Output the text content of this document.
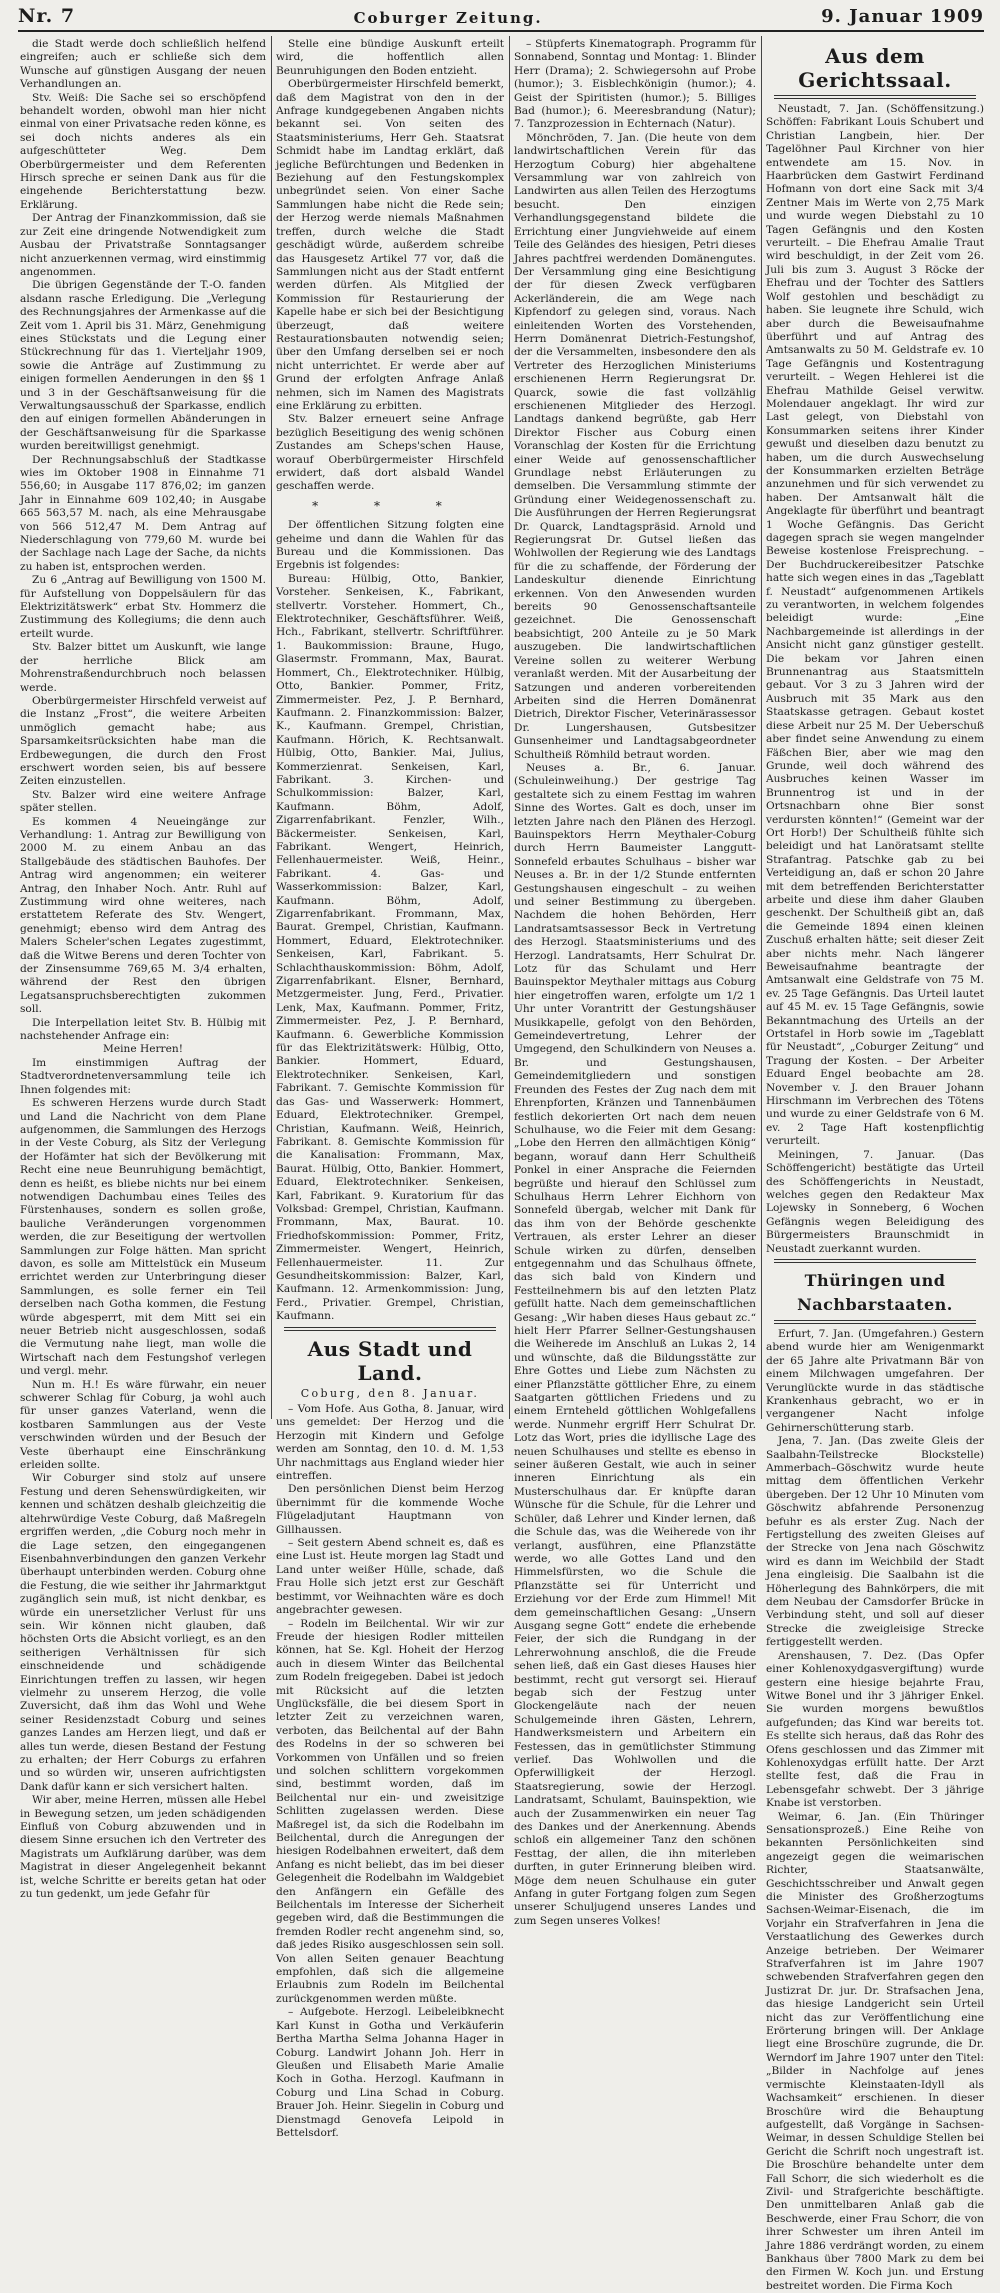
Nr. 7	Coburger Zeitung.	9. Januar 1909

die Stadt werde doch schließlich helfend eingreifen; auch er schließe sich dem Wunsche auf günstigen Ausgang der neuen Verhandlungen an.

Stv. Weiß: Die Sache sei so erschöpfend behandelt worden, obwohl man hier nicht einmal von einer Privatsache reden könne, es sei doch nichts anderes als ein aufgeschütteter Weg. Dem Oberbürgermeister und dem Referenten Hirsch spreche er seinen Dank aus für die eingehende Berichterstattung bezw. Erklärung.

Der Antrag der Finanzkommission, daß sie zur Zeit eine dringende Notwendigkeit zum Ausbau der Privatstraße Sonntagsanger nicht anzuerkennen vermag, wird einstimmig angenommen.

Die übrigen Gegenstände der T.-O. fanden alsdann rasche Erledigung. Die „Verlegung des Rechnungsjahres der Armenkasse auf die Zeit vom 1. April bis 31. März, Genehmigung eines Stückstats und die Legung einer Stückrechnung für das 1. Vierteljahr 1909, sowie die Anträge auf Zustimmung zu einigen formellen Aenderungen in den §§ 1 und 3 in der Geschäftsanweisung für die Verwaltungsausschuß der Sparkasse, endlich den auf einigen formellen Abänderungen in der Geschäftsanweisung für die Sparkasse wurden bereitwilligst genehmigt.

Der Rechnungsabschluß der Stadtkasse wies im Oktober 1908 in Einnahme 71 556,60; in Ausgabe 117 876,02; im ganzen Jahr in Einnahme 609 102,40; in Ausgabe 665 563,57 M. nach, als eine Mehrausgabe von 566 512,47 M. Dem Antrag auf Niederschlagung von 779,60 M. wurde bei der Sachlage nach Lage der Sache, da nichts zu haben ist, entsprochen werden.

Zu 6 „Antrag auf Bewilligung von 1500 M. für Aufstellung von Doppelsäulern für das Elektrizitätswerk“ erbat Stv. Hommerz die Zustimmung des Kollegiums; die denn auch erteilt wurde.

Stv. Balzer bittet um Auskunft, wie lange der herrliche Blick am Mohrenstraßendurchbruch noch belassen werde.

Oberbürgermeister Hirschfeld verweist auf die Instanz „Frost“, die weitere Arbeiten unmöglich gemacht habe; aus Sparsamkeitsrücksichten habe man die Erdbewegungen, die durch den Frost erschwert worden seien, bis auf bessere Zeiten einzustellen.

Stv. Balzer wird eine weitere Anfrage später stellen.

Es kommen 4 Neueingänge zur Verhandlung: 1. Antrag zur Bewilligung von 2000 M. zu einem Anbau an das Stallgebäude des städtischen Bauhofes. Der Antrag wird angenommen; ein weiterer Antrag, den Inhaber Noch. Antr. Ruhl auf Zustimmung wird ohne weiteres, nach erstattetem Referate des Stv. Wengert, genehmigt; ebenso wird dem Antrag des Malers Scheler'schen Legates zugestimmt, daß die Witwe Berens und deren Tochter von der Zinsensumme 769,65 M. 3/4 erhalten, während der Rest den übrigen Legatsanspruchsberechtigten zukommen soll.

Die Interpellation leitet Stv. B. Hülbig mit nachstehender Anfrage ein:

Meine Herren!

Im einstimmigen Auftrag der Stadtverordnetenversammlung teile ich Ihnen folgendes mit:

Es schweren Herzens wurde durch Stadt und Land die Nachricht von dem Plane aufgenommen, die Sammlungen des Herzogs in der Veste Coburg, als Sitz der Verlegung der Hofämter hat sich der Bevölkerung mit Recht eine neue Beunruhigung bemächtigt, denn es heißt, es bliebe nichts nur bei einem notwendigen Dachumbau eines Teiles des Fürstenhauses, sondern es sollen große, bauliche Veränderungen vorgenommen werden, die zur Beseitigung der wertvollen Sammlungen zur Folge hätten. Man spricht davon, es solle am Mittelstück ein Museum errichtet werden zur Unterbringung dieser Sammlungen, es solle ferner ein Teil derselben nach Gotha kommen, die Festung würde abgesperrt, mit dem Mitt sei ein neuer Betrieb nicht ausgeschlossen, sodaß die Vermutung nahe liegt, man wolle die Wirtschaft nach dem Festungshof verlegen und vergl. mehr.

Nun m. H.! Es wäre fürwahr, ein neuer schwerer Schlag für Coburg, ja wohl auch für unser ganzes Vaterland, wenn die kostbaren Sammlungen aus der Veste verschwinden würden und der Besuch der Veste überhaupt eine Einschränkung erleiden sollte.

Wir Coburger sind stolz auf unsere Festung und deren Sehenswürdigkeiten, wir kennen und schätzen deshalb gleichzeitig die altehrwürdige Veste Coburg, daß Maßregeln ergriffen werden, „die Coburg noch mehr in die Lage setzen, den eingegangenen Eisenbahnverbindungen den ganzen Verkehr überhaupt unterbinden werden. Coburg ohne die Festung, die wie seither ihr Jahrmarktgut zugänglich sein muß, ist nicht denkbar, es würde ein unersetzlicher Verlust für uns sein. Wir können nicht glauben, daß höchsten Orts die Absicht vorliegt, es an den seitherigen Verhältnissen für sich einschneidende und schädigende Einrichtungen treffen zu lassen, wir hegen vielmehr zu unserem Herzog, die volle Zuversicht, daß ihm das Wohl und Wehe seiner Residenzstadt Coburg und seines ganzes Landes am Herzen liegt, und daß er alles tun werde, diesen Bestand der Festung zu erhalten; der Herr Coburgs zu erfahren und so würden wir, unseren aufrichtigsten Dank dafür kann er sich versichert halten.

Wir aber, meine Herren, müssen alle Hebel in Bewegung setzen, um jeden schädigenden Einfluß von Coburg abzuwenden und in diesem Sinne ersuchen ich den Vertreter des Magistrats um Aufklärung darüber, was dem Magistrat in dieser Angelegenheit bekannt ist, welche Schritte er bereits getan hat oder zu tun gedenkt, um jede Gefahr für

Stelle eine bündige Auskunft erteilt wird, die hoffentlich allen Beunruhigungen den Boden entzieht.

Oberbürgermeister Hirschfeld bemerkt, daß dem Magistrat von den in der Anfrage kundgegebenen Angaben nichts bekannt sei. Von seiten des Staatsministeriums, Herr Geh. Staatsrat Schmidt habe im Landtag erklärt, daß jegliche Befürchtungen und Bedenken in Beziehung auf den Festungskomplex unbegründet seien. Von einer Sache Sammlungen habe nicht die Rede sein; der Herzog werde niemals Maßnahmen treffen, durch welche die Stadt geschädigt würde, außerdem schreibe das Hausgesetz Artikel 77 vor, daß die Sammlungen nicht aus der Stadt entfernt werden dürfen. Als Mitglied der Kommission für Restaurierung der Kapelle habe er sich bei der Besichtigung überzeugt, daß weitere Restaurationsbauten notwendig seien; über den Umfang derselben sei er noch nicht unterrichtet. Er werde aber auf Grund der erfolgten Anfrage Anlaß nehmen, sich im Namen des Magistrats eine Erklärung zu erbitten.

Stv. Balzer erneuert seine Anfrage bezüglich Beseitigung des wenig schönen Zustandes am Scheps'schen Hause, worauf Oberbürgermeister Hirschfeld erwidert, daß dort alsbald Wandel geschaffen werde.

* * *

Der öffentlichen Sitzung folgten eine geheime und dann die Wahlen für das Bureau und die Kommissionen. Das Ergebnis ist folgendes:

Bureau: Hülbig, Otto, Bankier, Vorsteher. Senkeisen, K., Fabrikant, stellvertr. Vorsteher. Hommert, Ch., Elektrotechniker, Geschäftsführer. Weiß, Hch., Fabrikant, stellvertr. Schriftführer. 1. Baukommission: Braune, Hugo, Glasermstr. Frommann, Max, Baurat. Hommert, Ch., Elektrotechniker. Hülbig, Otto, Bankier. Pommer, Fritz, Zimmermeister. Pez, J. P. Bernhard, Kaufmann. 2. Finanzkommission: Balzer, K., Kaufmann. Grempel, Christian, Kaufmann. Hörich, K. Rechtsanwalt. Hülbig, Otto, Bankier. Mai, Julius, Kommerzienrat. Senkeisen, Karl, Fabrikant. 3. Kirchen- und Schulkommission: Balzer, Karl, Kaufmann. Böhm, Adolf, Zigarrenfabrikant. Fenzler, Wilh., Bäckermeister. Senkeisen, Karl, Fabrikant. Wengert, Heinrich, Fellenhauermeister. Weiß, Heinr., Fabrikant. 4. Gas- und Wasserkommission: Balzer, Karl, Kaufmann. Böhm, Adolf, Zigarrenfabrikant. Frommann, Max, Baurat. Grempel, Christian, Kaufmann. Hommert, Eduard, Elektrotechniker. Senkeisen, Karl, Fabrikant. 5. Schlachthauskommission: Böhm, Adolf, Zigarrenfabrikant. Elsner, Bernhard, Metzgermeister. Jung, Ferd., Privatier. Lenk, Max, Kaufmann. Pommer, Fritz, Zimmermeister. Pez, J. P. Bernhard, Kaufmann. 6. Gewerbliche Kommission für das Elektrizitätswerk: Hülbig, Otto, Bankier. Hommert, Eduard, Elektrotechniker. Senkeisen, Karl, Fabrikant. 7. Gemischte Kommission für das Gas- und Wasserwerk: Hommert, Eduard, Elektrotechniker. Grempel, Christian, Kaufmann. Weiß, Heinrich, Fabrikant. 8. Gemischte Kommission für die Kanalisation: Frommann, Max, Baurat. Hülbig, Otto, Bankier. Hommert, Eduard, Elektrotechniker. Senkeisen, Karl, Fabrikant. 9. Kuratorium für das Volksbad: Grempel, Christian, Kaufmann. Frommann, Max, Baurat. 10. Friedhofskommission: Pommer, Fritz, Zimmermeister. Wengert, Heinrich, Fellenhauermeister. 11. Zur Gesundheitskommission: Balzer, Karl, Kaufmann. 12. Armenkommission: Jung, Ferd., Privatier. Grempel, Christian, Kaufmann.

Aus Stadt und Land.
Coburg, den 8. Januar.

– Vom Hofe. Aus Gotha, 8. Januar, wird uns gemeldet: Der Herzog und die Herzogin mit Kindern und Gefolge werden am Sonntag, den 10. d. M. 1,53 Uhr nachmittags aus England wieder hier eintreffen.

Den persönlichen Dienst beim Herzog übernimmt für die kommende Woche Flügeladjutant Hauptmann von Gillhaussen.

– Seit gestern Abend schneit es, daß es eine Lust ist. Heute morgen lag Stadt und Land unter weißer Hülle, schade, daß Frau Holle sich jetzt erst zur Geschäft bestimmt, vor Weihnachten wäre es doch angebrachter gewesen.

– Rodeln im Beilchental. Wir wir zur Freude der hiesigen Rodler mitteilen können, hat Se. Kgl. Hoheit der Herzog auch in diesem Winter das Beilchental zum Rodeln freigegeben. Dabei ist jedoch mit Rücksicht auf die letzten Unglücksfälle, die bei diesem Sport in letzter Zeit zu verzeichnen waren, verboten, das Beilchental auf der Bahn des Rodelns in der so schweren bei Vorkommen von Unfällen und so freien und solchen schlittern vorgekommen sind, bestimmt worden, daß im Beilchental nur ein- und zweisitzige Schlitten zugelassen werden. Diese Maßregel ist, da sich die Rodelbahn im Beilchental, durch die Anregungen der hiesigen Rodelbahnen erweitert, daß dem Anfang es nicht beliebt, das im bei dieser Gelegenheit die Rodelbahn im Waldgebiet den Anfängern ein Gefälle des Beilchentals im Interesse der Sicherheit gegeben wird, daß die Bestimmungen die fremden Rodler recht angenehm sind, so, daß jedes Risiko ausgeschlossen sein soll. Von allen Seiten genauer Beachtung empfohlen, daß sich die allgemeine Erlaubnis zum Rodeln im Beilchental zurückgenommen werden müßte.

– Aufgebote. Herzogl. Leibeleibknecht Karl Kunst in Gotha und Verkäuferin Bertha Martha Selma Johanna Hager in Coburg. Landwirt Johann Joh. Herr in Gleußen und Elisabeth Marie Amalie Koch in Gotha. Herzogl. Kaufmann in Coburg und Lina Schad in Coburg. Brauer Joh. Heinr. Siegelin in Coburg und Dienstmagd Genovefa Leipold in Bettelsdorf.

– Stüpferts Kinematograph. Programm für Sonnabend, Sonntag und Montag: 1. Blinder Herr (Drama); 2. Schwiegersohn auf Probe (humor.); 3. Eisblechkönigin (humor.); 4. Geist der Spiritisten (humor.); 5. Billiges Bad (humor.); 6. Meeresbrandung (Natur); 7. Tanzprozession in Echternach (Natur).

Mönchröden, 7. Jan. (Die heute von dem landwirtschaftlichen Verein für das Herzogtum Coburg) hier abgehaltene Versammlung war von zahlreich von Landwirten aus allen Teilen des Herzogtums besucht. Den einzigen Verhandlungsgegenstand bildete die Errichtung einer Jungviehweide auf einem Teile des Geländes des hiesigen, Petri dieses Jahres pachtfrei werdenden Domänengutes. Der Versammlung ging eine Besichtigung der für diesen Zweck verfügbaren Ackerländerein, die am Wege nach Kipfendorf zu gelegen sind, voraus. Nach einleitenden Worten des Vorstehenden, Herrn Domänenrat Dietrich-Festungshof, der die Versammelten, insbesondere den als Vertreter des Herzoglichen Ministeriums erschienenen Herrn Regierungsrat Dr. Quarck, sowie die fast vollzählig erschienenen Mitglieder des Herzogl. Landtags dankend begrüßte, gab Herr Direktor Fischer aus Coburg einen Voranschlag der Kosten für die Errichtung einer Weide auf genossenschaftlicher Grundlage nebst Erläuterungen zu demselben. Die Versammlung stimmte der Gründung einer Weidegenossenschaft zu. Die Ausführungen der Herren Regierungsrat Dr. Quarck, Landtagspräsid. Arnold und Regierungsrat Dr. Gutsel ließen das Wohlwollen der Regierung wie des Landtags für die zu schaffende, der Förderung der Landeskultur dienende Einrichtung erkennen. Von den Anwesenden wurden bereits 90 Genossenschaftsanteile gezeichnet. Die Genossenschaft beabsichtigt, 200 Anteile zu je 50 Mark auszugeben. Die landwirtschaftlichen Vereine sollen zu weiterer Werbung veranlaßt werden. Mit der Ausarbeitung der Satzungen und anderen vorbereitenden Arbeiten sind die Herren Domänenrat Dietrich, Direktor Fischer, Veterinärassessor Dr. Lungershausen, Gutsbesitzer Gunsenheimer und Landtagsabgeordneter Schultheiß Römhild betraut worden.

Neuses a. Br., 6. Januar. (Schuleinweihung.) Der gestrige Tag gestaltete sich zu einem Festtag im wahren Sinne des Wortes. Galt es doch, unser im letzten Jahre nach den Plänen des Herzogl. Bauinspektors Herrn Meythaler-Coburg durch Herrn Baumeister Langgutt-Sonnefeld erbautes Schulhaus – bisher war Neuses a. Br. in der 1/2 Stunde entfernten Gestungshausen eingeschult – zu weihen und seiner Bestimmung zu übergeben. Nachdem die hohen Behörden, Herr Landratsamtsassessor Beck in Vertretung des Herzogl. Staatsministeriums und des Herzogl. Landratsamts, Herr Schulrat Dr. Lotz für das Schulamt und Herr Bauinspektor Meythaler mittags aus Coburg hier eingetroffen waren, erfolgte um 1/2 1 Uhr unter Vorantritt der Gestungshäuser Musikkapelle, gefolgt von den Behörden, Gemeindevertretung, Lehrer der Umgegend, den Schulkindern von Neuses a. Br. und Gestungshausen, Gemeindemitgliedern und sonstigen Freunden des Festes der Zug nach dem mit Ehrenpforten, Kränzen und Tannenbäumen festlich dekorierten Ort nach dem neuen Schulhause, wo die Feier mit dem Gesang: „Lobe den Herren den allmächtigen König“ begann, worauf dann Herr Schultheiß Ponkel in einer Ansprache die Feiernden begrüßte und hierauf den Schlüssel zum Schulhaus Herrn Lehrer Eichhorn von Sonnefeld übergab, welcher mit Dank für das ihm von der Behörde geschenkte Vertrauen, als erster Lehrer an dieser Schule wirken zu dürfen, denselben entgegennahm und das Schulhaus öffnete, das sich bald von Kindern und Festteilnehmern bis auf den letzten Platz gefüllt hatte. Nach dem gemeinschaftlichen Gesang: „Wir haben dieses Haus gebaut zc.“ hielt Herr Pfarrer Sellner-Gestungshausen die Weiherede im Anschluß an Lukas 2, 14 und wünschte, daß die Bildungsstätte zur Ehre Gottes und Liebe zum Nächsten zu einer Pflanzstätte göttlicher Ehre, zu einem Saatgarten göttlichen Friedens und zu einem Ernteheld göttlichen Wohlgefallens werde. Nunmehr ergriff Herr Schulrat Dr. Lotz das Wort, pries die idyllische Lage des neuen Schulhauses und stellte es ebenso in seiner äußeren Gestalt, wie auch in seiner inneren Einrichtung als ein Musterschulhaus dar. Er knüpfte daran Wünsche für die Schule, für die Lehrer und Schüler, daß Lehrer und Kinder lernen, daß die Schule das, was die Weiherede von ihr verlangt, ausführen, eine Pflanzstätte werde, wo alle Gottes Land und den Himmelsfürsten, wo die Schule die Pflanzstätte sei für Unterricht und Erziehung vor der Erde zum Himmel! Mit dem gemeinschaftlichen Gesang: „Unsern Ausgang segne Gott“ endete die erhebende Feier, der sich die Rundgang in der Lehrerwohnung anschloß, die die Freude sehen ließ, daß ein Gast dieses Hauses hier bestimmt, recht gut versorgt sei. Hierauf begab sich der Festzug unter Glockengeläute nach der neuen Schulgemeinde ihren Gästen, Lehrern, Handwerksmeistern und Arbeitern ein Festessen, das in gemütlichster Stimmung verlief. Das Wohlwollen und die Opferwilligkeit der Herzogl. Staatsregierung, sowie der Herzogl. Landratsamt, Schulamt, Bauinspektion, wie auch der Zusammenwirken ein neuer Tag des Dankes und der Anerkennung. Abends schloß ein allgemeiner Tanz den schönen Festtag, der allen, die ihn miterleben durften, in guter Erinnerung bleiben wird. Möge dem neuen Schulhause ein guter Anfang in guter Fortgang folgen zum Segen unserer Schuljugend unseres Landes und zum Segen unseres Volkes!

Aus dem Gerichtssaal.

Neustadt, 7. Jan. (Schöffensitzung.) Schöffen: Fabrikant Louis Schubert und Christian Langbein, hier. Der Tagelöhner Paul Kirchner von hier entwendete am 15. Nov. in Haarbrücken dem Gastwirt Ferdinand Hofmann von dort eine Sack mit 3/4 Zentner Mais im Werte von 2,75 Mark und wurde wegen Diebstahl zu 10 Tagen Gefängnis und den Kosten verurteilt. – Die Ehefrau Amalie Traut wird beschuldigt, in der Zeit vom 26. Juli bis zum 3. August 3 Röcke der Ehefrau und der Tochter des Sattlers Wolf gestohlen und beschädigt zu haben. Sie leugnete ihre Schuld, wich aber durch die Beweisaufnahme überführt und auf Antrag des Amtsanwalts zu 50 M. Geldstrafe ev. 10 Tage Gefängnis und Kostentragung verurteilt. – Wegen Hehlerei ist die Ehefrau Mathilde Geisel verwitw. Molendauer angeklagt. Ihr wird zur Last gelegt, von Diebstahl von Konsummarken seitens ihrer Kinder gewußt und dieselben dazu benutzt zu haben, um die durch Auswechselung der Konsummarken erzielten Beträge anzunehmen und für sich verwendet zu haben. Der Amtsanwalt hält die Angeklagte für überführt und beantragt 1 Woche Gefängnis. Das Gericht dagegen sprach sie wegen mangelnder Beweise kostenlose Freisprechung. – Der Buchdruckereibesitzer Patschke hatte sich wegen eines in das „Tageblatt f. Neustadt“ aufgenommenen Artikels zu verantworten, in welchem folgendes beleidigt wurde: „Eine Nachbargemeinde ist allerdings in der Ansicht nicht ganz günstiger gestellt. Die bekam vor Jahren einen Brunnenantrag aus Staatsmitteln gebaut. Vor 3 zu 3 Jahren wird der Ausbruch mit 35 Mark aus den Staatskasse getragen. Gebaut kostet diese Arbeit nur 25 M. Der Ueberschuß aber findet seine Anwendung zu einem Fäßchen Bier, aber wie mag den Grunde, weil doch während des Ausbruches keinen Wasser im Brunnentrog ist und in der Ortsnachbarn ohne Bier sonst verdursten könnten!“ (Gemeint war der Ort Horb!) Der Schultheiß fühlte sich beleidigt und hat Lanöratsamt stellte Strafantrag. Patschke gab zu bei Verteidigung an, daß er schon 20 Jahre mit dem betreffenden Berichterstatter arbeite und diese ihm daher Glauben geschenkt. Der Schultheiß gibt an, daß die Gemeinde 1894 einen kleinen Zuschuß erhalten hätte; seit dieser Zeit aber nichts mehr. Nach längerer Beweisaufnahme beantragte der Amtsanwalt eine Geldstrafe von 75 M. ev. 25 Tage Gefängnis. Das Urteil lautet auf 45 M. ev. 15 Tage Gefängnis, sowie Bekanntmachung des Urteils an der Ortstafel in Horb sowie im „Tageblatt für Neustadt“, „Coburger Zeitung“ und Tragung der Kosten. – Der Arbeiter Eduard Engel beobachte am 28. November v. J. den Brauer Johann Hirschmann im Verbrechen des Tötens und wurde zu einer Geldstrafe von 6 M. ev. 2 Tage Haft kostenpflichtig verurteilt.

Meiningen, 7. Januar. (Das Schöffengericht) bestätigte das Urteil des Schöffengerichts in Neustadt, welches gegen den Redakteur Max Lojewsky in Sonneberg, 6 Wochen Gefängnis wegen Beleidigung des Bürgermeisters Braunschmidt in Neustadt zuerkannt wurden.

Thüringen und Nachbarstaaten.

Erfurt, 7. Jan. (Umgefahren.) Gestern abend wurde hier am Wenigenmarkt der 65 Jahre alte Privatmann Bär von einem Milchwagen umgefahren. Der Verunglückte wurde in das städtische Krankenhaus gebracht, wo er in vergangener Nacht infolge Gehirnerschütterung starb.

Jena, 7. Jan. (Das zweite Gleis der Saalbahn-Teilstrecke Blockstelle) Ammerbach–Göschwitz wurde heute mittag dem öffentlichen Verkehr übergeben. Der 12 Uhr 10 Minuten vom Göschwitz abfahrende Personenzug befuhr es als erster Zug. Nach der Fertigstellung des zweiten Gleises auf der Strecke von Jena nach Göschwitz wird es dann im Weichbild der Stadt Jena eingleisig. Die Saalbahn ist die Höherlegung des Bahnkörpers, die mit dem Neubau der Camsdorfer Brücke in Verbindung steht, und soll auf dieser Strecke die zweigleisige Strecke fertiggestellt werden.

Arenshausen, 7. Dez. (Das Opfer einer Kohlenoxydgasvergiftung) wurde gestern eine hiesige bejahrte Frau, Witwe Bonel und ihr 3 jähriger Enkel. Sie wurden morgens bewußtlos aufgefunden; das Kind war bereits tot. Es stellte sich heraus, daß das Rohr des Ofens geschlossen und das Zimmer mit Kohlenoxydgas erfüllt hatte. Der Arzt stellte fest, daß die Frau in Lebensgefahr schwebt. Der 3 jährige Knabe ist verstorben.

Weimar, 6. Jan. (Ein Thüringer Sensationsprozeß.) Eine Reihe von bekannten Persönlichkeiten sind angezeigt gegen die weimarischen Richter, Staatsanwälte, Geschichtsschreiber und Anwalt gegen die Minister des Großherzogtums Sachsen-Weimar-Eisenach, die im Vorjahr ein Strafverfahren in Jena die Verstaatlichung des Gewerkes durch Anzeige betrieben. Der Weimarer Strafverfahren ist im Jahre 1907 schwebenden Strafverfahren gegen den Justizrat Dr. jur. Dr. Strafsachen Jena, das hiesige Landgericht sein Urteil nicht das zur Veröffentlichung eine Erörterung bringen will. Der Anklage liegt eine Broschüre zugrunde, die Dr. Werndorf im Jahre 1907 unter den Titel: „Bilder in Nachfolge auf jenes vermischte Kleinstaaten-Idyll als Wachsamkeit“ erschienen. In dieser Broschüre wird die Behauptung aufgestellt, daß Vorgänge in Sachsen-Weimar, in dessen Schuldige Stellen bei Gericht die Schrift noch ungestraft ist. Die Broschüre behandelte unter dem Fall Schorr, die sich wiederholt es die Zivil- und Strafgerichte beschäftigte. Den unmittelbaren Anlaß gab die Beschwerde, einer Frau Schorr, die von ihrer Schwester um ihren Anteil im Jahre 1886 verdrängt worden, zu einem Bankhaus über 7800 Mark zu dem bei den Firmen W. Koch jun. und Erstung bestreitet worden. Die Firma Koch
